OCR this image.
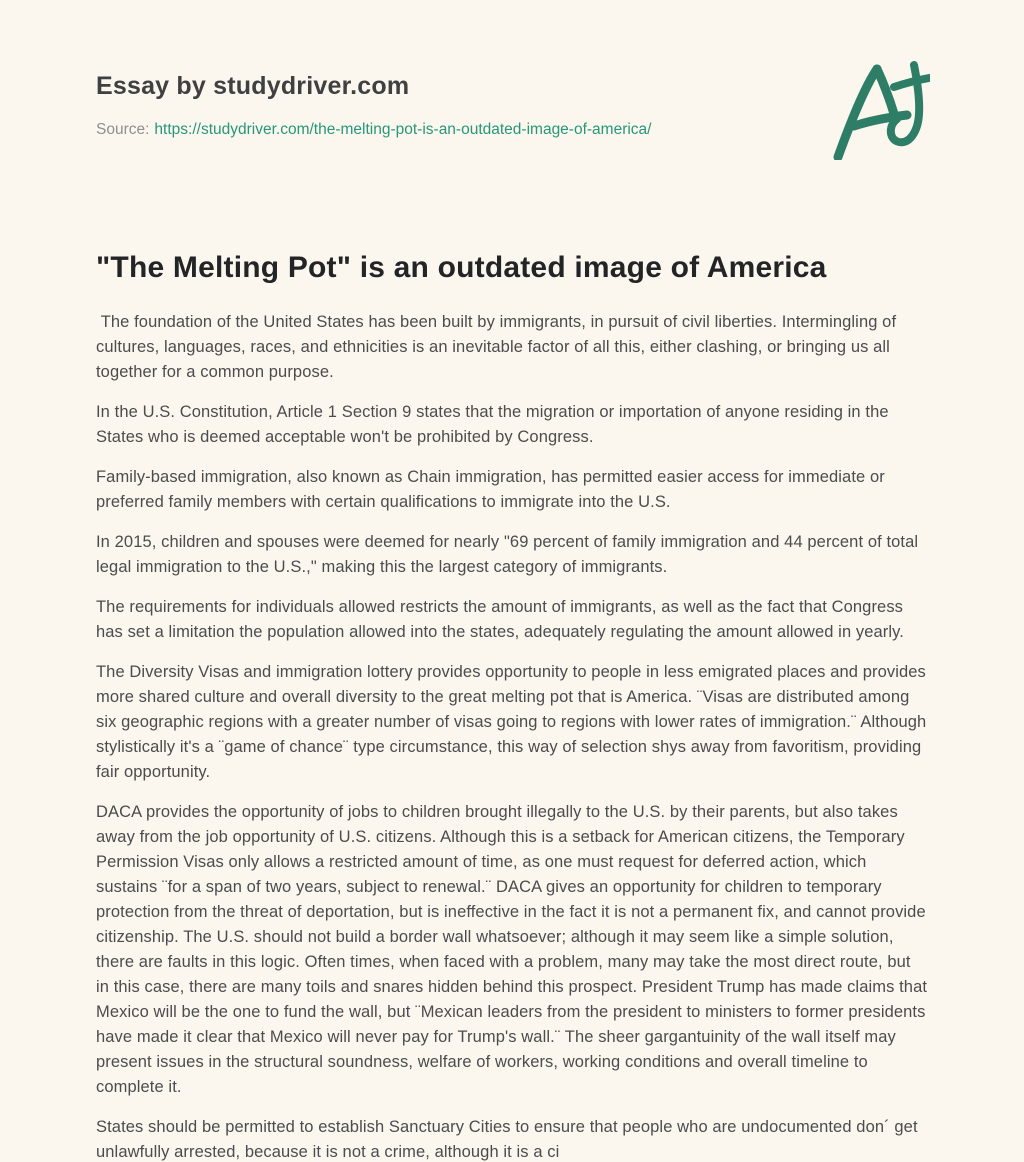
Essay by studydriver.com

Source: https://studydriver.com/the-melting-pot-is-an-outdated-image-of-america/

"The Melting Pot" is an outdated image of America

The foundation of the United States has been built by immigrants, in pursuit of civil liberties. Intermingling of cultures, languages, races, and ethnicities is an inevitable factor of all this, either clashing, or bringing us all together for a common purpose.

In the U.S. Constitution, Article 1 Section 9 states that the migration or importation of anyone residing in the States who is deemed acceptable won't be prohibited by Congress.

Family-based immigration, also known as Chain immigration, has permitted easier access for immediate or preferred family members with certain qualifications to immigrate into the U.S.

In 2015, children and spouses were deemed for nearly "69 percent of family immigration and 44 percent of total legal immigration to the U.S.," making this the largest category of immigrants.

The requirements for individuals allowed restricts the amount of immigrants, as well as the fact that Congress has set a limitation the population allowed into the states, adequately regulating the amount allowed in yearly.

The Diversity Visas and immigration lottery provides opportunity to people in less emigrated places and provides more shared culture and overall diversity to the great melting pot that is America. ¨Visas are distributed among six geographic regions with a greater number of visas going to regions with lower rates of immigration.¨ Although stylistically it's a ¨game of chance¨ type circumstance, this way of selection shys away from favoritism, providing fair opportunity.

DACA provides the opportunity of jobs to children brought illegally to the U.S. by their parents, but also takes away from the job opportunity of U.S. citizens. Although this is a setback for American citizens, the Temporary Permission Visas only allows a restricted amount of time, as one must request for deferred action, which sustains ¨for a span of two years, subject to renewal.¨ DACA gives an opportunity for children to temporary protection from the threat of deportation, but is ineffective in the fact it is not a permanent fix, and cannot provide citizenship. The U.S. should not build a border wall whatsoever; although it may seem like a simple solution, there are faults in this logic. Often times, when faced with a problem, many may take the most direct route, but in this case, there are many toils and snares hidden behind this prospect. President Trump has made claims that Mexico will be the one to fund the wall, but ¨Mexican leaders from the president to ministers to former presidents have made it clear that Mexico will never pay for Trump's wall.¨ The sheer gargantuinity of the wall itself may present issues in the structural soundness, welfare of workers, working conditions and overall timeline to complete it.

States should be permitted to establish Sanctuary Cities to ensure that people who are undocumented don´ get unlawfully arrested, because it is not a crime, although it is a ci
